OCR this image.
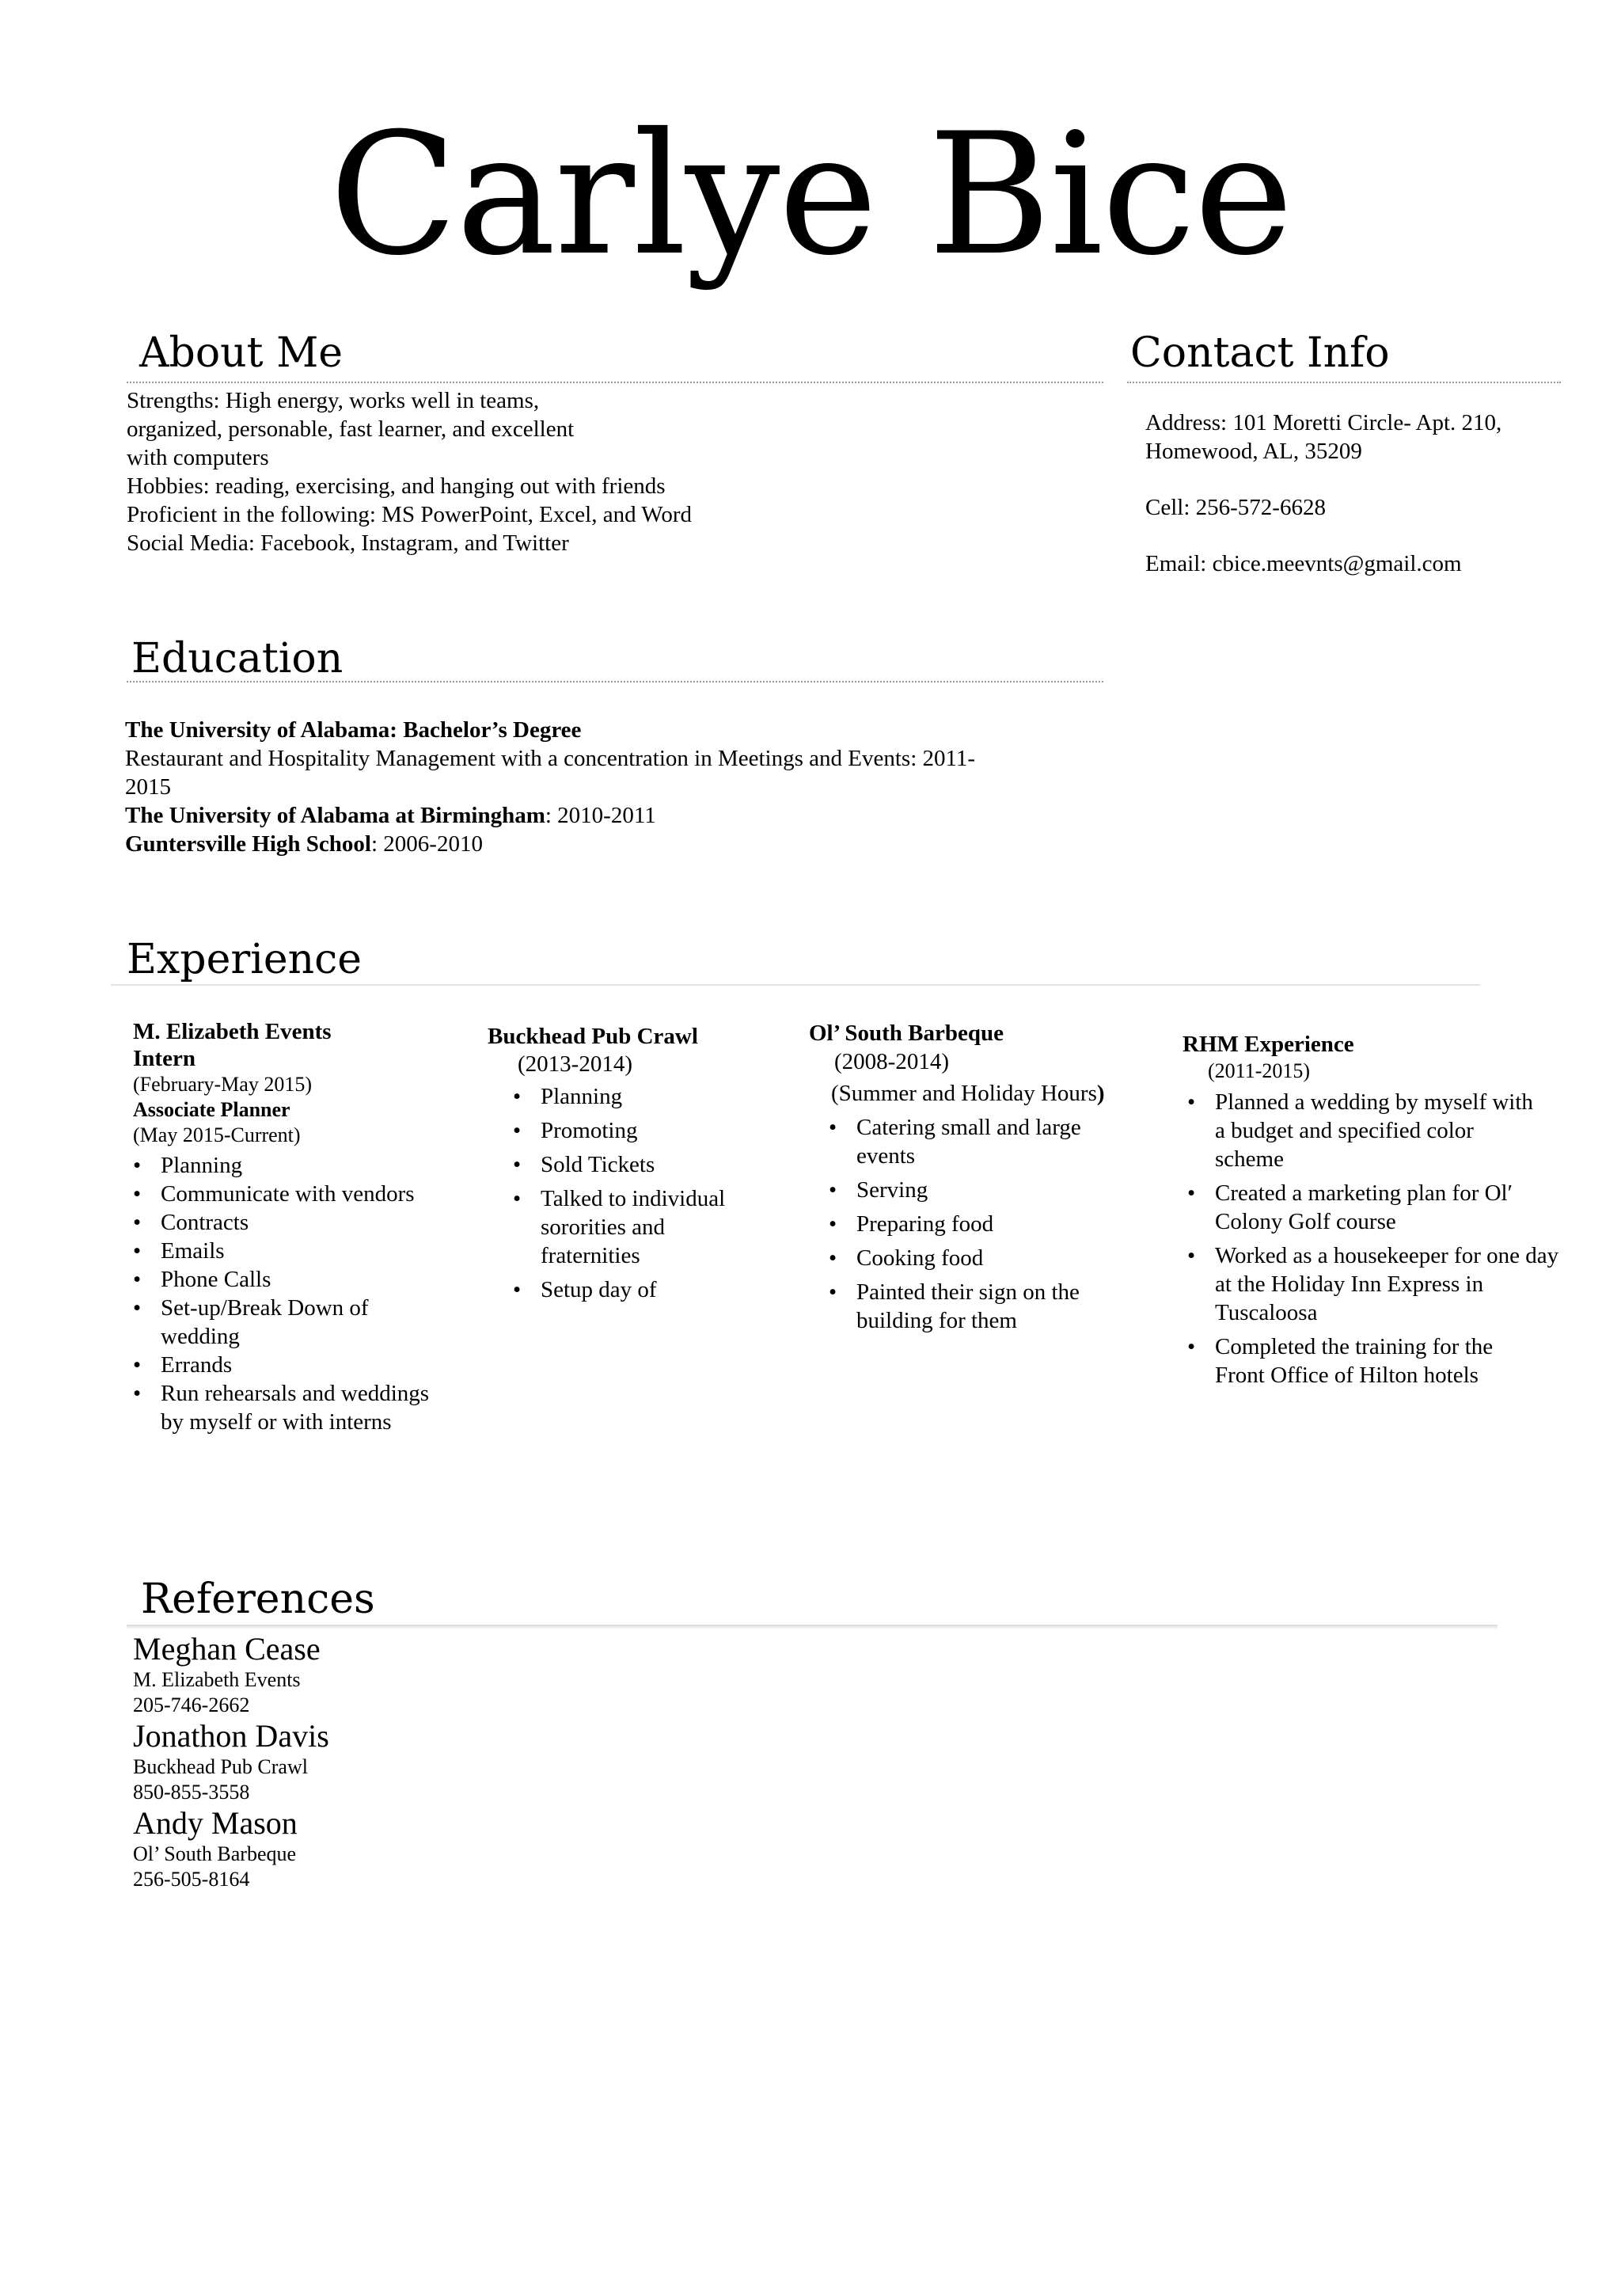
Carlye Bice
About Me

Strengths: High energy, works well in teams,

organized, personable, fast learner, and excellent

with computers

Hobbies: reading, exercising, and hanging out with friends

Proficient in the following: MS PowerPoint, Excel, and Word

Social Media: Facebook, Instagram, and Twitter

Contact Info

Address: 101 Moretti Circle- Apt. 210,

Homewood, AL, 35209

Cell: 256-572-6628
Email: cbice.meevnts@gmail.com
Education

The University of Alabama: Bachelor’s Degree

Restaurant and Hospitality Management with a concentration in Meetings and Events: 2011-

2015

The University of Alabama at Birmingham: 2010-2011

Guntersville High School: 2006-2010

Experience

M. Elizabeth Events

Intern

(February-May 2015)

Associate Planner

(May 2015-Current)

• Planning
• Communicate with vendors
• Contracts
• Emails
• Phone Calls
• Set-up/Break Down of wedding
• Errands
• Run rehearsals and weddings by myself or with interns

Buckhead Pub Crawl

(2013-2014)

• Planning
• Promoting
• Sold Tickets
• Talked to individual sororities and fraternities
• Setup day of

Ol’ South Barbeque

(2008-2014)

(Summer and Holiday Hours)

• Catering small and large events
• Serving
• Preparing food
• Cooking food
• Painted their sign on the building for them

RHM Experience

(2011-2015)

• Planned a wedding by myself with a budget and specified color scheme
• Created a marketing plan for Ol′ Colony Golf course
• Worked as a housekeeper for one day at the Holiday Inn Express in Tuscaloosa
• Completed the training for the Front Office of Hilton hotels
References

Meghan Cease

M. Elizabeth Events

205-746-2662

Jonathon Davis

Buckhead Pub Crawl

850-855-3558

Andy Mason

Ol’ South Barbeque

256-505-8164
